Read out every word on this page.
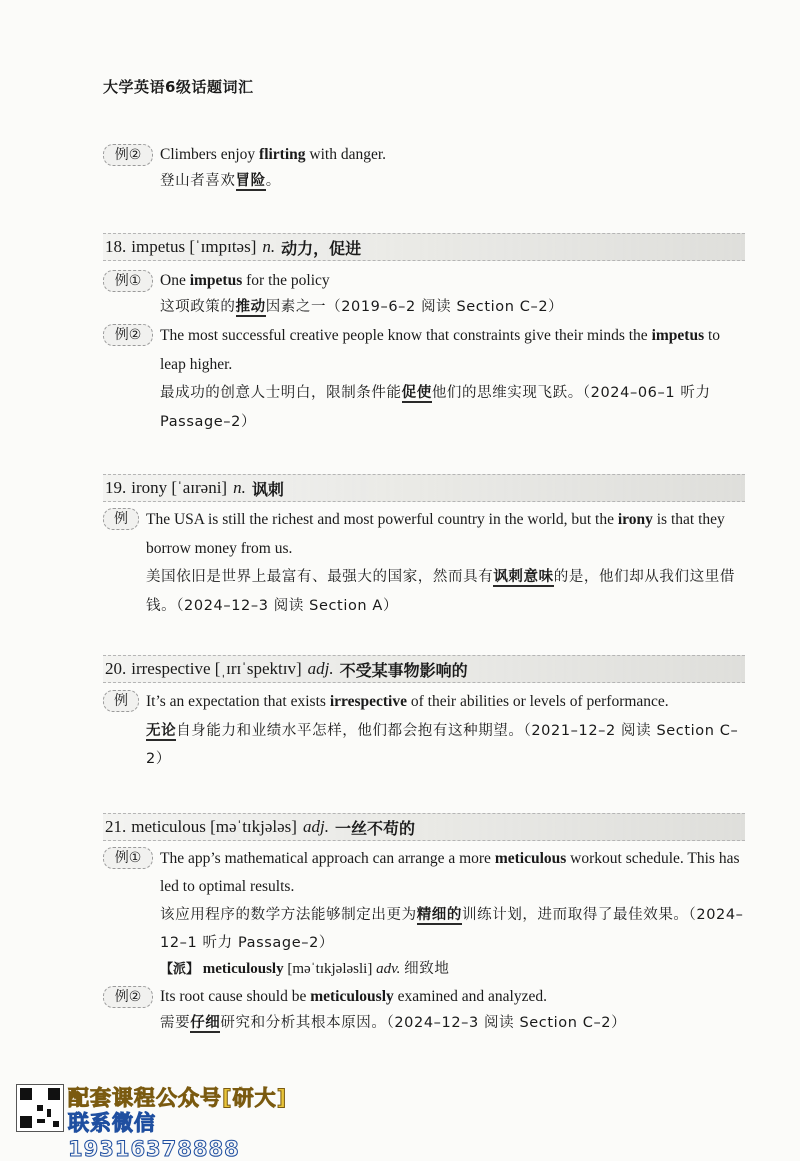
大学英语6级话题词汇
例②	Climbers enjoy flirting with danger.

登山者喜欢冒险。

18. impetus
[ˈɪmpɪtəs] n. 动力，促进
例①	One impetus for the policy

这项政策的推动因素之一（2019–6–2 阅读 Section C–2）

例②	The most successful creative people know that constraints give their minds the impetus to leap higher.

最成功的创意人士明白，限制条件能促使他们的思维实现飞跃。（2024–06–1 听力 Passage–2）

19. irony
[ˈaɪrəni] n. 讽刺
例	The USA is still the richest and most powerful country in the world, but the irony is that they borrow money from us.

美国依旧是世界上最富有、最强大的国家，然而具有讽刺意味的是，他们却从我们这里借钱。（2024–12–3 阅读 Section A）

20. irrespective
[ˌɪrɪˈspektɪv] adj. 不受某事物影响的
例	It’s an expectation that exists irrespective of their abilities or levels of performance.

无论自身能力和业绩水平怎样，他们都会抱有这种期望。（2021–12–2 阅读 Section C–2）

21. meticulous
[məˈtɪkjələs] adj. 一丝不苟的
例①	The app’s mathematical approach can arrange a more meticulous workout schedule. This has led to optimal results.

该应用程序的数学方法能够制定出更为精细的训练计划，进而取得了最佳效果。（2024–12–1 听力 Passage–2）

【派】 meticulously [məˈtɪkjələsli] adv. 细致地
例②	Its root cause should be meticulously examined and analyzed.

需要仔细研究和分析其根本原因。（2024–12–3 阅读 Section C–2）

配套课程公众号[研大]
联系微信19316378888
